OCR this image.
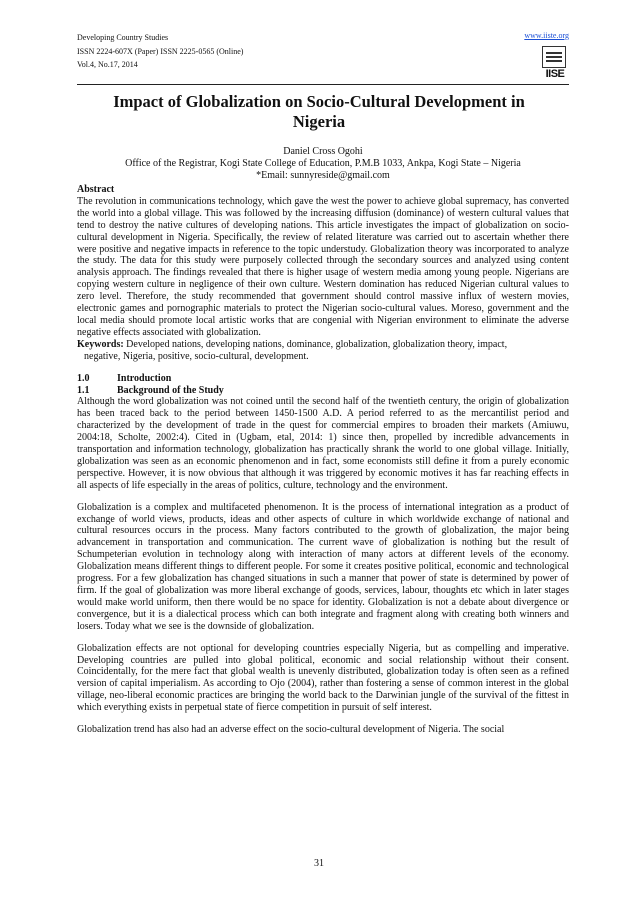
Developing Country Studies
ISSN 2224-607X (Paper) ISSN 2225-0565 (Online)
Vol.4, No.17, 2014
www.iiste.org
IISE
Impact of Globalization on Socio-Cultural Development in Nigeria
Daniel Cross Ogohi
Office of the Registrar, Kogi State College of Education, P.M.B 1033, Ankpa, Kogi State – Nigeria
*Email: sunnyreside@gmail.com
Abstract

The revolution in communications technology, which gave the west the power to achieve global supremacy, has converted the world into a global village. This was followed by the increasing diffusion (dominance) of western cultural values that tend to destroy the native cultures of developing nations. This article investigates the impact of globalization on socio-cultural development in Nigeria. Specifically, the review of related literature was carried out to ascertain whether there were positive and negative impacts in reference to the topic understudy. Globalization theory was incorporated to analyze the study. The data for this study were purposely collected through the secondary sources and analyzed using content analysis approach. The findings revealed that there is higher usage of western media among young people. Nigerians are copying western culture in negligence of their own culture. Western domination has reduced Nigerian cultural values to zero level. Therefore, the study recommended that government should control massive influx of western movies, electronic games and pornographic materials to protect the Nigerian socio-cultural values. Moreso, government and the local media should promote local artistic works that are congenial with Nigerian environment to eliminate the adverse negative effects associated with globalization.

Keywords: Developed nations, developing nations, dominance, globalization, globalization theory, impact,

negative, Nigeria, positive, socio-cultural, development.

1.0	Introduction
1.1	Background of the Study

Although the word globalization was not coined until the second half of the twentieth century, the origin of globalization has been traced back to the period between 1450-1500 A.D. A period referred to as the mercantilist period and characterized by the development of trade in the quest for commercial empires to broaden their markets (Amiuwu, 2004:18, Scholte, 2002:4). Cited in (Ugbam, etal, 2014: 1) since then, propelled by incredible advancements in transportation and information technology, globalization has practically shrank the world to one global village. Initially, globalization was seen as an economic phenomenon and in fact, some economists still define it from a purely economic perspective. However, it is now obvious that although it was triggered by economic motives it has far reaching effects in all aspects of life especially in the areas of politics, culture, technology and the environment.

Globalization is a complex and multifaceted phenomenon. It is the process of international integration as a product of exchange of world views, products, ideas and other aspects of culture in which worldwide exchange of national and cultural resources occurs in the process. Many factors contributed to the growth of globalization, the major being advancement in transportation and communication. The current wave of globalization is nothing but the result of Schumpeterian evolution in technology along with interaction of many actors at different levels of the economy. Globalization means different things to different people. For some it creates positive political, economic and technological progress. For a few globalization has changed situations in such a manner that power of state is determined by power of firm. If the goal of globalization was more liberal exchange of goods, services, labour, thoughts etc which in later stages would make world uniform, then there would be no space for identity. Globalization is not a debate about divergence or convergence, but it is a dialectical process which can both integrate and fragment along with creating both winners and losers. Today what we see is the downside of globalization.

Globalization effects are not optional for developing countries especially Nigeria, but as compelling and imperative. Developing countries are pulled into global political, economic and social relationship without their consent. Coincidentally, for the mere fact that global wealth is unevenly distributed, globalization today is often seen as a refined version of capital imperialism. As according to Ojo (2004), rather than fostering a sense of common interest in the global village, neo-liberal economic practices are bringing the world back to the Darwinian jungle of the survival of the fittest in which everything exists in perpetual state of fierce competition in pursuit of self interest.

Globalization trend has also had an adverse effect on the socio-cultural development of Nigeria. The social

31
